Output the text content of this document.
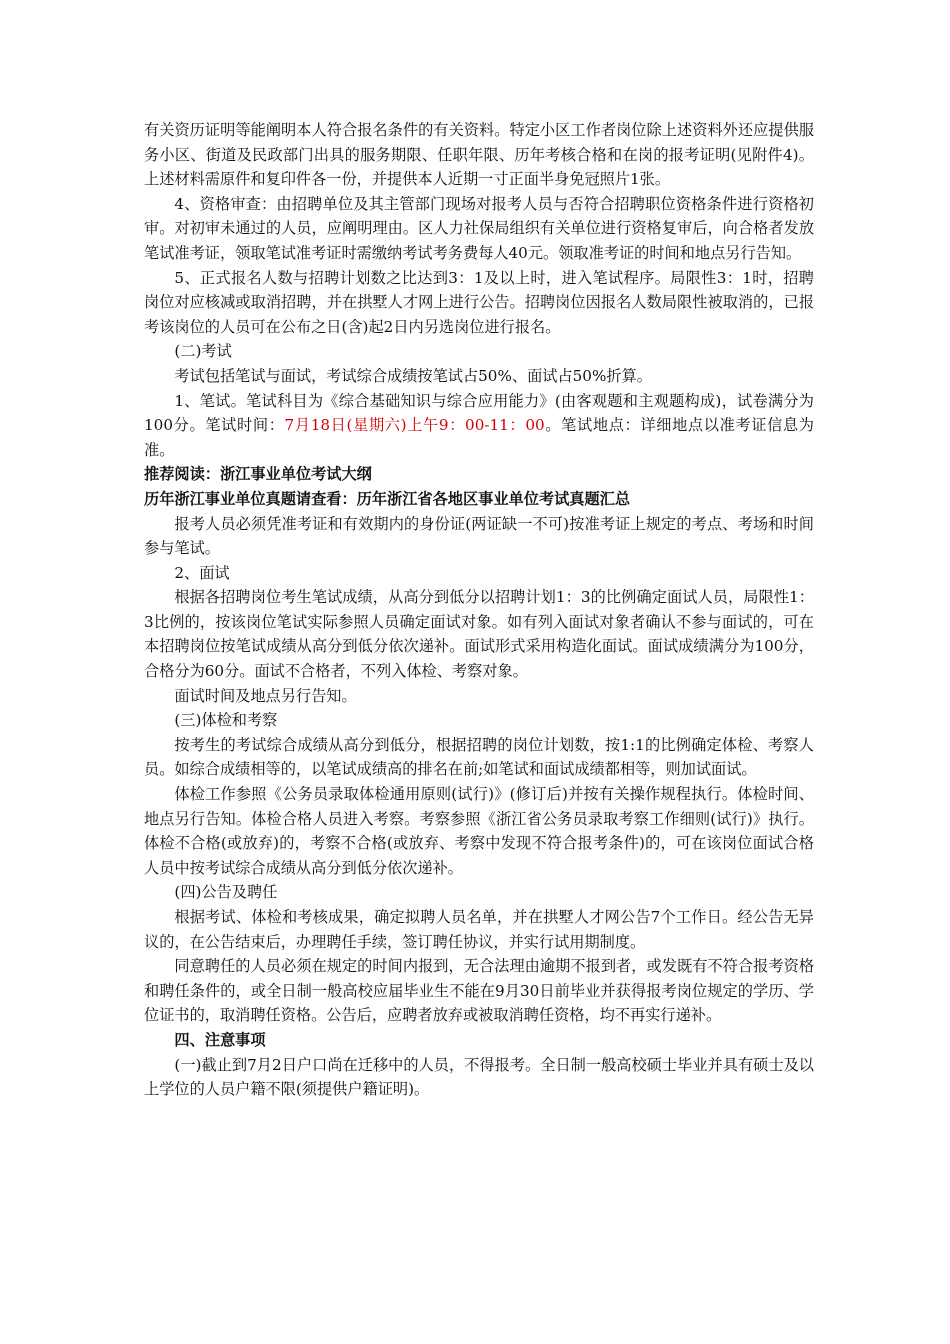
有关资历证明等能阐明本人符合报名条件的有关资料。特定小区工作者岗位除上述资料外还应提供服务小区、街道及民政部门出具的服务期限、任职年限、历年考核合格和在岗的报考证明(见附件4)。上述材料需原件和复印件各一份，并提供本人近期一寸正面半身免冠照片1张。

4、资格审查：由招聘单位及其主管部门现场对报考人员与否符合招聘职位资格条件进行资格初审。对初审未通过的人员，应阐明理由。区人力社保局组织有关单位进行资格复审后，向合格者发放笔试准考证，领取笔试准考证时需缴纳考试考务费每人40元。领取准考证的时间和地点另行告知。

5、正式报名人数与招聘计划数之比达到3：1及以上时，进入笔试程序。局限性3：1时，招聘岗位对应核减或取消招聘，并在拱墅人才网上进行公告。招聘岗位因报名人数局限性被取消的，已报考该岗位的人员可在公布之日(含)起2日内另选岗位进行报名。

(二)考试

考试包括笔试与面试，考试综合成绩按笔试占50%、面试占50%折算。

1、笔试。笔试科目为《综合基础知识与综合应用能力》(由客观题和主观题构成)，试卷满分为100分。笔试时间：7月18日(星期六)上午9：00-11：00。笔试地点：详细地点以准考证信息为准。

推荐阅读：浙江事业单位考试大纲

历年浙江事业单位真题请查看：历年浙江省各地区事业单位考试真题汇总

报考人员必须凭准考证和有效期内的身份证(两证缺一不可)按准考证上规定的考点、考场和时间参与笔试。

2、面试

根据各招聘岗位考生笔试成绩，从高分到低分以招聘计划1：3的比例确定面试人员，局限性1：3比例的，按该岗位笔试实际参照人员确定面试对象。如有列入面试对象者确认不参与面试的，可在本招聘岗位按笔试成绩从高分到低分依次递补。面试形式采用构造化面试。面试成绩满分为100分，合格分为60分。面试不合格者，不列入体检、考察对象。

面试时间及地点另行告知。

(三)体检和考察

按考生的考试综合成绩从高分到低分，根据招聘的岗位计划数，按1:1的比例确定体检、考察人员。如综合成绩相等的，以笔试成绩高的排名在前;如笔试和面试成绩都相等，则加试面试。

体检工作参照《公务员录取体检通用原则(试行)》(修订后)并按有关操作规程执行。体检时间、地点另行告知。体检合格人员进入考察。考察参照《浙江省公务员录取考察工作细则(试行)》执行。体检不合格(或放弃)的，考察不合格(或放弃、考察中发现不符合报考条件)的，可在该岗位面试合格人员中按考试综合成绩从高分到低分依次递补。

(四)公告及聘任

根据考试、体检和考核成果，确定拟聘人员名单，并在拱墅人才网公告7个工作日。经公告无异议的，在公告结束后，办理聘任手续，签订聘任协议，并实行试用期制度。

同意聘任的人员必须在规定的时间内报到，无合法理由逾期不报到者，或发既有不符合报考资格和聘任条件的，或全日制一般高校应届毕业生不能在9月30日前毕业并获得报考岗位规定的学历、学位证书的，取消聘任资格。公告后，应聘者放弃或被取消聘任资格，均不再实行递补。

四、注意事项

(一)截止到7月2日户口尚在迁移中的人员，不得报考。全日制一般高校硕士毕业并具有硕士及以上学位的人员户籍不限(须提供户籍证明)。
